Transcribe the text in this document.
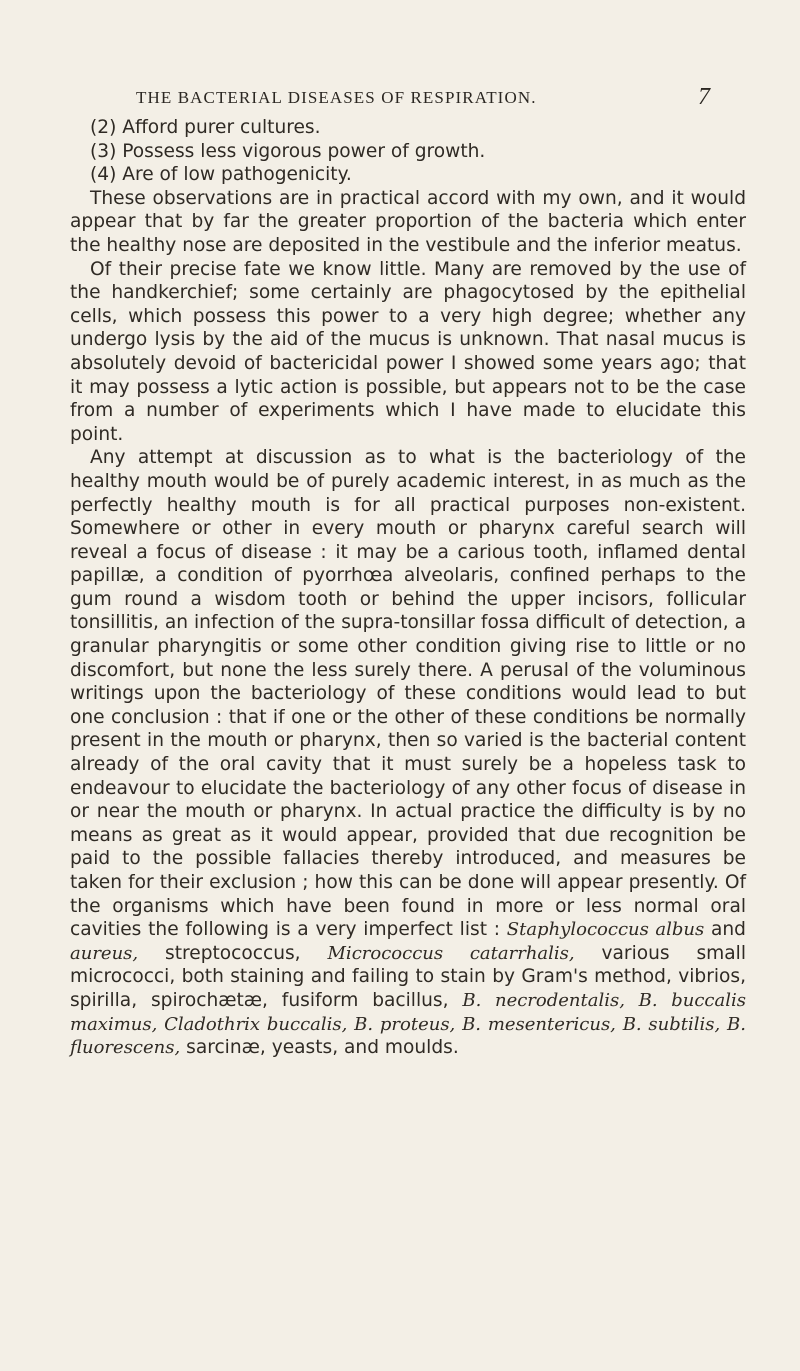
THE BACTERIAL DISEASES OF RESPIRATION.	7

(2) Afford purer cultures.

(3) Possess less vigorous power of growth.

(4) Are of low pathogenicity.

These observations are in practical accord with my own, and it would appear that by far the greater proportion of the bacteria which enter the healthy nose are deposited in the vestibule and the inferior meatus.

Of their precise fate we know little. Many are removed by the use of the handkerchief; some certainly are phagocytosed by the epithelial cells, which possess this power to a very high degree; whether any undergo lysis by the aid of the mucus is unknown. That nasal mucus is absolutely devoid of bactericidal power I showed some years ago; that it may possess a lytic action is possible, but appears not to be the case from a number of experiments which I have made to elucidate this point.

Any attempt at discussion as to what is the bacteriology of the healthy mouth would be of purely academic interest, in as much as the perfectly healthy mouth is for all practical purposes non-existent. Somewhere or other in every mouth or pharynx careful search will reveal a focus of disease : it may be a carious tooth, inflamed dental papillæ, a condition of pyorrhœa alveolaris, confined perhaps to the gum round a wisdom tooth or behind the upper incisors, follicular tonsillitis, an infection of the supra-tonsillar fossa difficult of detection, a granular pharyngitis or some other condition giving rise to little or no discomfort, but none the less surely there. A perusal of the voluminous writings upon the bacteriology of these conditions would lead to but one conclusion : that if one or the other of these conditions be normally present in the mouth or pharynx, then so varied is the bacterial content already of the oral cavity that it must surely be a hopeless task to endeavour to elucidate the bacteriology of any other focus of disease in or near the mouth or pharynx. In actual practice the difficulty is by no means as great as it would appear, provided that due recognition be paid to the possible fallacies thereby introduced, and measures be taken for their exclusion ; how this can be done will appear presently. Of the organisms which have been found in more or less normal oral cavities the following is a very imperfect list : Staphylococcus albus and aureus, streptococcus, Micrococcus catarrhalis, various small micrococci, both staining and failing to stain by Gram's method, vibrios, spirilla, spirochætæ, fusiform bacillus, B. necrodentalis, B. buccalis maximus, Cladothrix buccalis, B. proteus, B. mesentericus, B. subtilis, B. fluorescens, sarcinæ, yeasts, and moulds.
